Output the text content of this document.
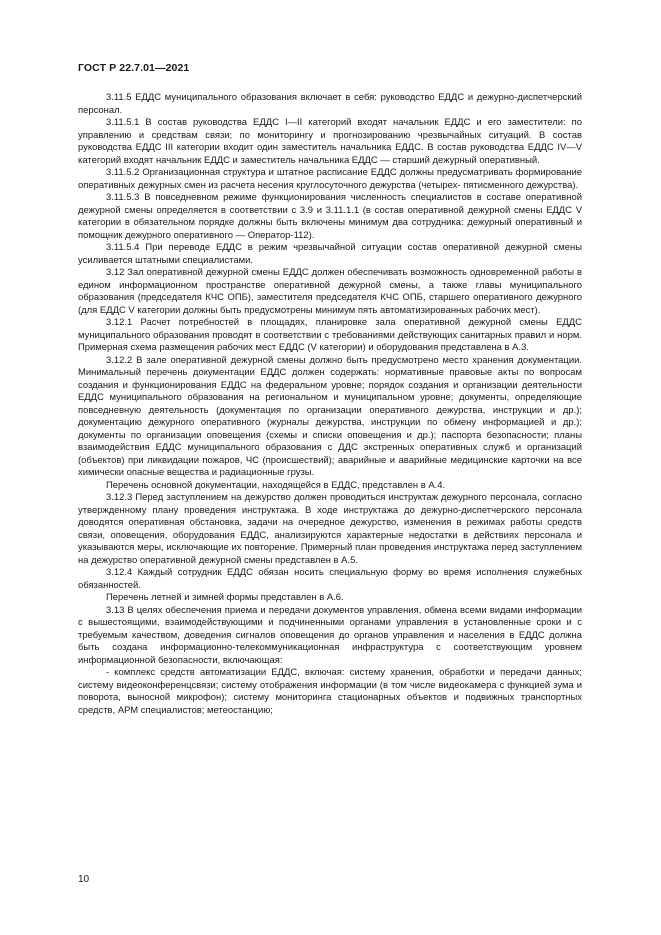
ГОСТ Р 22.7.01—2021

3.11.5 ЕДДС муниципального образования включает в себя: руководство ЕДДС и дежурно-диспетчерский персонал.

3.11.5.1 В состав руководства ЕДДС I—II категорий входят начальник ЕДДС и его заместители: по управлению и средствам связи; по мониторингу и прогнозированию чрезвычайных ситуаций. В состав руководства ЕДДС III категории входит один заместитель начальника ЕДДС. В состав руководства ЕДДС IV—V категорий входят начальник ЕДДС и заместитель начальника ЕДДС — старший дежурный оперативный.

3.11.5.2 Организационная структура и штатное расписание ЕДДС должны предусматривать формирование оперативных дежурных смен из расчета несения круглосуточного дежурства (четырех- пятисменного дежурства).

3.11.5.3 В повседневном режиме функционирования численность специалистов в составе оперативной дежурной смены определяется в соответствии с 3.9 и 3.11.1.1 (в состав оперативной дежурной смены ЕДДС V категории в обязательном порядке должны быть включены минимум два сотрудника: дежурный оперативный и помощник дежурного оперативного — Оператор-112).

3.11.5.4 При переводе ЕДДС в режим чрезвычайной ситуации состав оперативной дежурной смены усиливается штатными специалистами.

3.12 Зал оперативной дежурной смены ЕДДС должен обеспечивать возможность одновременной работы в едином информационном пространстве оперативной дежурной смены, а также главы муниципального образования (председателя КЧС ОПБ), заместителя председателя КЧС ОПБ, старшего оперативного дежурного (для ЕДДС V категории должны быть предусмотрены минимум пять автоматизированных рабочих мест).

3.12.1 Расчет потребностей в площадях, планировке зала оперативной дежурной смены ЕДДС муниципального образования проводят в соответствии с требованиями действующих санитарных правил и норм. Примерная схема размещения рабочих мест ЕДДС (V категории) и оборудования представлена в А.3.

3.12.2 В зале оперативной дежурной смены должно быть предусмотрено место хранения документации. Минимальный перечень документации ЕДДС должен содержать: нормативные правовые акты по вопросам создания и функционирования ЕДДС на федеральном уровне; порядок создания и организации деятельности ЕДДС муниципального образования на региональном и муниципальном уровне; документы, определяющие повседневную деятельность (документация по организации оперативного дежурства, инструкции и др.); документацию дежурного оперативного (журналы дежурства, инструкции по обмену информацией и др.); документы по организации оповещения (схемы и списки оповещения и др.); паспорта безопасности; планы взаимодействия ЕДДС муниципального образования с ДДС экстренных оперативных служб и организаций (объектов) при ликвидации пожаров, ЧС (происшествий); аварийные и аварийные медицинские карточки на все химически опасные вещества и радиационные грузы.

Перечень основной документации, находящейся в ЕДДС, представлен в А.4.

3.12.3 Перед заступлением на дежурство должен проводиться инструктаж дежурного персонала, согласно утвержденному плану проведения инструктажа. В ходе инструктажа до дежурно-диспетчерского персонала доводятся оперативная обстановка, задачи на очередное дежурство, изменения в режимах работы средств связи, оповещения, оборудования ЕДДС, анализируются характерные недостатки в действиях персонала и указываются меры, исключающие их повторение. Примерный план проведения инструктажа перед заступлением на дежурство оперативной дежурной смены представлен в А.5.

3.12.4 Каждый сотрудник ЕДДС обязан носить специальную форму во время исполнения служебных обязанностей.

Перечень летней и зимней формы представлен в А.6.

3.13 В целях обеспечения приема и передачи документов управления, обмена всеми видами информации с вышестоящими, взаимодействующими и подчиненными органами управления в установленные сроки и с требуемым качеством, доведения сигналов оповещения до органов управления и населения в ЕДДС должна быть создана информационно-телекоммуникационная инфраструктура с соответствующим уровнем информационной безопасности, включающая:

- комплекс средств автоматизации ЕДДС, включая: систему хранения, обработки и передачи данных; систему видеоконференцсвязи; систему отображения информации (в том числе видеокамера с функцией зума и поворота, выносной микрофон); систему мониторинга стационарных объектов и подвижных транспортных средств, АРМ специалистов; метеостанцию;

10
